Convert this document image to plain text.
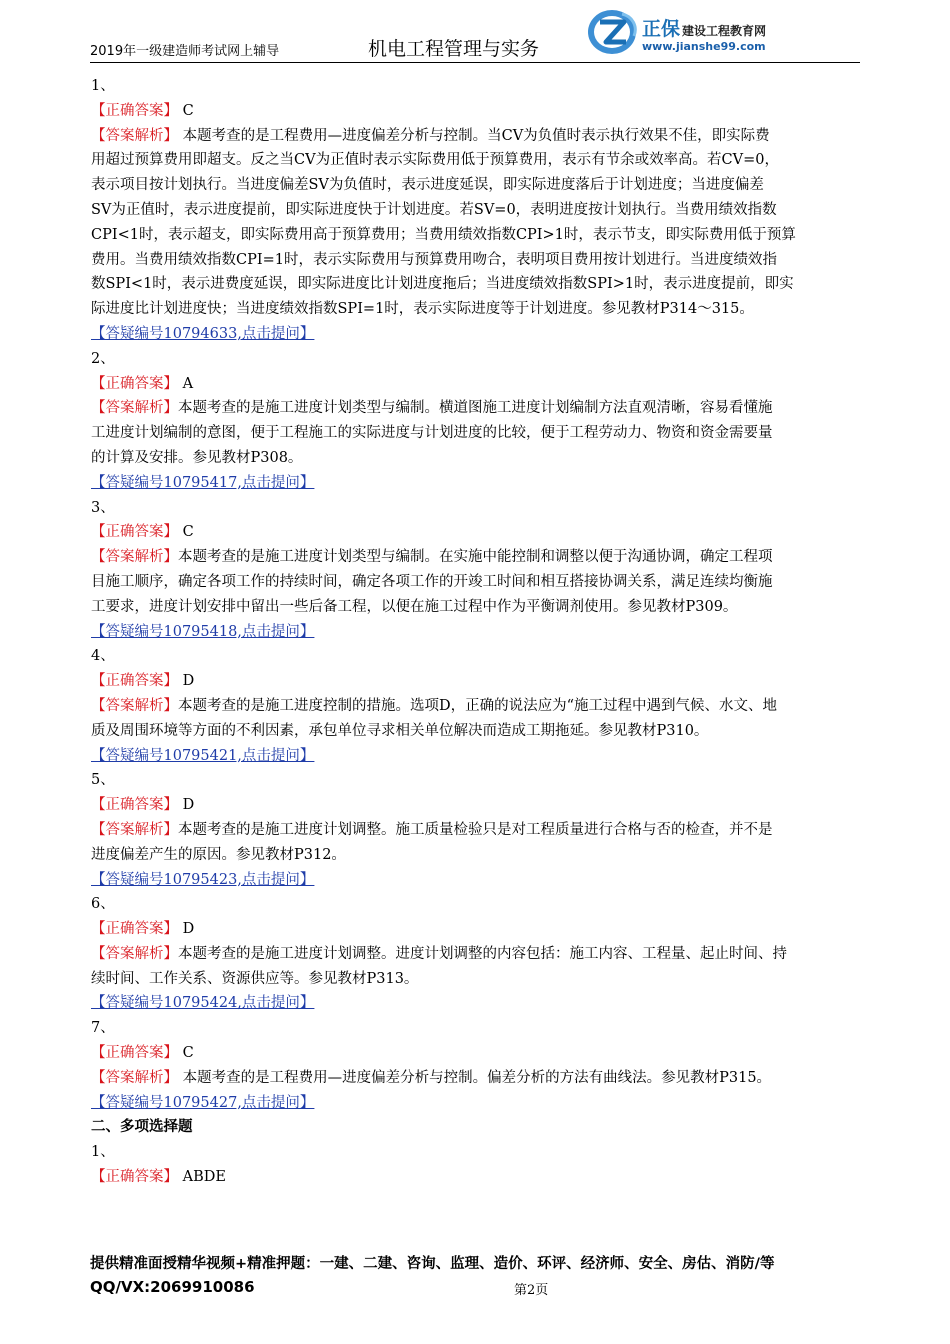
2019年一级建造师考试网上辅导	机电工程管理与实务
正保 建设工程教育网
www.jianshe99.com
1、
【正确答案】 C
【答案解析】 本题考查的是工程费用—进度偏差分析与控制。当CV为负值时表示执行效果不佳，即实际费
用超过预算费用即超支。反之当CV为正值时表示实际费用低于预算费用，表示有节余或效率高。若CV=0，
表示项目按计划执行。当进度偏差SV为负值时，表示进度延误，即实际进度落后于计划进度；当进度偏差
SV为正值时，表示进度提前，即实际进度快于计划进度。若SV=0，表明进度按计划执行。当费用绩效指数
CPI<1时，表示超支，即实际费用高于预算费用；当费用绩效指数CPI>1时，表示节支，即实际费用低于预算
费用。当费用绩效指数CPI=1时，表示实际费用与预算费用吻合，表明项目费用按计划进行。当进度绩效指
数SPI<1时，表示进费度延误，即实际进度比计划进度拖后；当进度绩效指数SPI>1时，表示进度提前，即实
际进度比计划进度快；当进度绩效指数SPI=1时，表示实际进度等于计划进度。参见教材P314～315。
【答疑编号10794633,点击提问】
2、
【正确答案】 A
【答案解析】本题考查的是施工进度计划类型与编制。横道图施工进度计划编制方法直观清晰，容易看懂施
工进度计划编制的意图，便于工程施工的实际进度与计划进度的比较，便于工程劳动力、物资和资金需要量
的计算及安排。参见教材P308。
【答疑编号10795417,点击提问】
3、
【正确答案】 C
【答案解析】本题考查的是施工进度计划类型与编制。在实施中能控制和调整以便于沟通协调，确定工程项
目施工顺序，确定各项工作的持续时间，确定各项工作的开竣工时间和相互搭接协调关系，满足连续均衡施
工要求，进度计划安排中留出一些后备工程，以便在施工过程中作为平衡调剂使用。参见教材P309。
【答疑编号10795418,点击提问】
4、
【正确答案】 D
【答案解析】本题考查的是施工进度控制的措施。选项D，正确的说法应为“施工过程中遇到气候、水文、地
质及周围环境等方面的不利因素，承包单位寻求相关单位解决而造成工期拖延。参见教材P310。
【答疑编号10795421,点击提问】
5、
【正确答案】 D
【答案解析】本题考查的是施工进度计划调整。施工质量检验只是对工程质量进行合格与否的检查，并不是
进度偏差产生的原因。参见教材P312。
【答疑编号10795423,点击提问】
6、
【正确答案】 D
【答案解析】本题考查的是施工进度计划调整。进度计划调整的内容包括：施工内容、工程量、起止时间、持
续时间、工作关系、资源供应等。参见教材P313。
【答疑编号10795424,点击提问】
7、
【正确答案】 C
【答案解析】 本题考查的是工程费用—进度偏差分析与控制。偏差分析的方法有曲线法。参见教材P315。
【答疑编号10795427,点击提问】
二、多项选择题
1、
【正确答案】 ABDE
提供精准面授精华视频+精准押题：一建、二建、咨询、监理、造价、环评、经济师、安全、房估、消防/等
QQ/VX:2069910086	第2页
